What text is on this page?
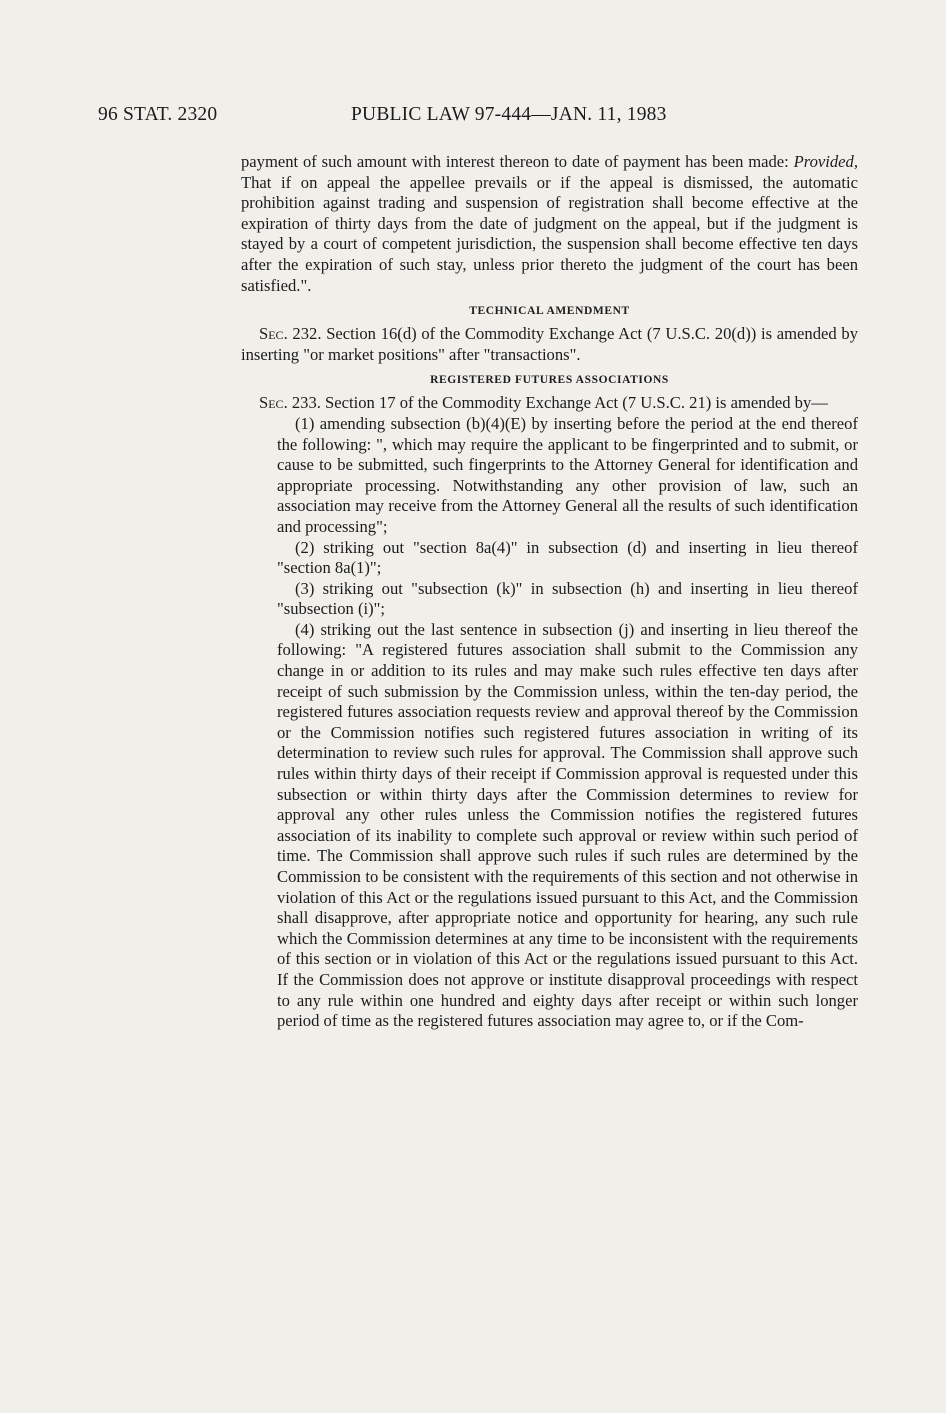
96 STAT. 2320	PUBLIC LAW 97-444—JAN. 11, 1983

payment of such amount with interest thereon to date of payment has been made: Provided, That if on appeal the appellee prevails or if the appeal is dismissed, the automatic prohibition against trading and suspension of registration shall become effective at the expiration of thirty days from the date of judgment on the appeal, but if the judgment is stayed by a court of competent jurisdiction, the suspension shall become effective ten days after the expiration of such stay, unless prior thereto the judgment of the court has been satisfied.".

TECHNICAL AMENDMENT

Sec. 232. Section 16(d) of the Commodity Exchange Act (7 U.S.C. 20(d)) is amended by inserting "or market positions" after "transactions".

REGISTERED FUTURES ASSOCIATIONS

Sec. 233. Section 17 of the Commodity Exchange Act (7 U.S.C. 21) is amended by—

(1) amending subsection (b)(4)(E) by inserting before the period at the end thereof the following: ", which may require the applicant to be fingerprinted and to submit, or cause to be submitted, such fingerprints to the Attorney General for identification and appropriate processing. Notwithstanding any other provision of law, such an association may receive from the Attorney General all the results of such identification and processing";

(2) striking out "section 8a(4)" in subsection (d) and inserting in lieu thereof "section 8a(1)";

(3) striking out "subsection (k)" in subsection (h) and inserting in lieu thereof "subsection (i)";

(4) striking out the last sentence in subsection (j) and inserting in lieu thereof the following: "A registered futures association shall submit to the Commission any change in or addition to its rules and may make such rules effective ten days after receipt of such submission by the Commission unless, within the ten-day period, the registered futures association requests review and approval thereof by the Commission or the Commission notifies such registered futures association in writing of its determination to review such rules for approval. The Commission shall approve such rules within thirty days of their receipt if Commission approval is requested under this subsection or within thirty days after the Commission determines to review for approval any other rules unless the Commission notifies the registered futures association of its inability to complete such approval or review within such period of time. The Commission shall approve such rules if such rules are determined by the Commission to be consistent with the requirements of this section and not otherwise in violation of this Act or the regulations issued pursuant to this Act, and the Commission shall disapprove, after appropriate notice and opportunity for hearing, any such rule which the Commission determines at any time to be inconsistent with the requirements of this section or in violation of this Act or the regulations issued pursuant to this Act. If the Commission does not approve or institute disapproval proceedings with respect to any rule within one hundred and eighty days after receipt or within such longer period of time as the registered futures association may agree to, or if the Com-
